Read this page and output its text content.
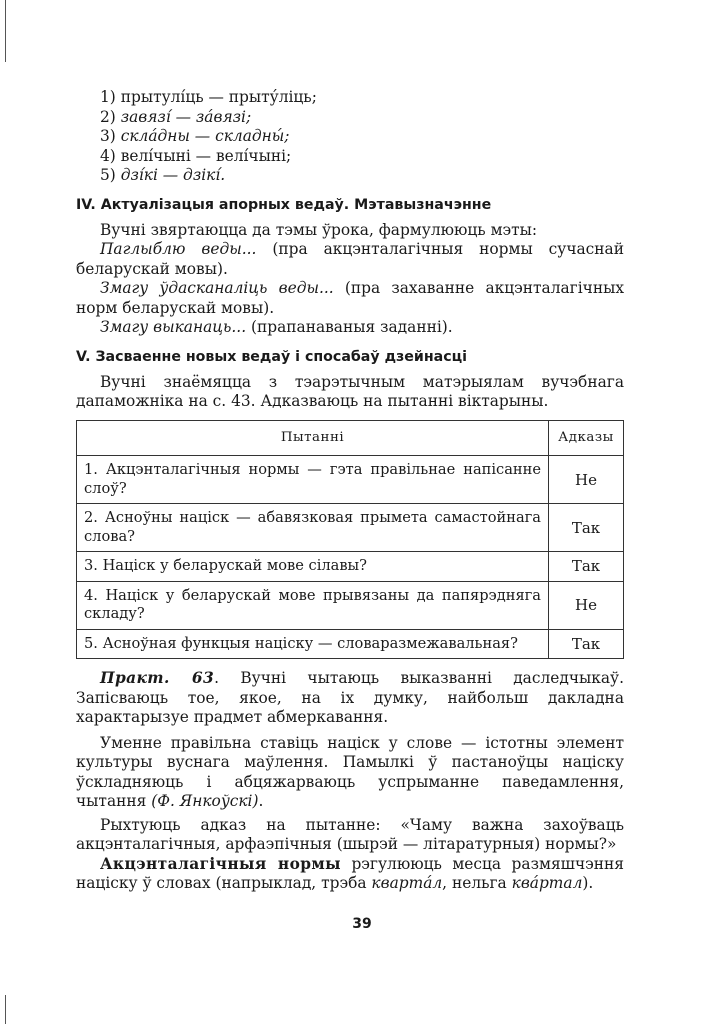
1) прытулíць — прыту́ліць;
2) завязí — за́вязі;
3) скла́дны — складны́;
4) велíчыні — велíчыні;
5) дзíкі — дзікí.
IV. Актуалізацыя апорных ведаў. Мэтавызначэнне

Вучні звяртаюцца да тэмы ўрока, фармулююць мэты:

Паглыблю веды... (пра акцэнталагічныя нормы сучаснай беларускай мовы).

Змагу ўдасканаліць веды... (пра захаванне акцэнталагічных норм беларускай мовы).

Змагу выканаць... (прапанаваныя заданні).

V. Засваенне новых ведаў і спосабаў дзейнасці

Вучні знаёмяцца з тэарэтычным матэрыялам вучэбнага дапаможніка на с. 43. Адказваюць на пытанні віктарыны.

Пытанні	Адказы
1. Акцэнталагічныя нормы — гэта правільнае напісанне слоў?	Не
2. Асноўны націск — абавязковая прымета самастойнага слова?	Так
3. Націск у беларускай мове сілавы?	Так
4. Націск у беларускай мове прывязаны да папярэдняга складу?	Не
5. Асноўная функцыя націску — словаразмежавальная?	Так

Практ. 63. Вучні чытаюць выказванні даследчыкаў. Запісваюць тое, якое, на іх думку, найбольш дакладна характарызуе прадмет абмеркавання.

Уменне правільна ставіць націск у слове — істотны элемент культуры вуснага маўлення. Памылкі ў пастаноўцы націску ўскладняюць і абцяжарваюць успрыманне паведамлення, чытання (Ф. Янкоўскі).

Рыхтуюць адказ на пытанне: «Чаму важна захоўваць акцэнталагічныя, арфаэпічныя (шырэй — літаратурныя) нормы?»

Акцэнталагічныя нормы рэгулююць месца размяшчэння націску ў словах (напрыклад, трэба кварта́л, нельга ква́ртал).

39
